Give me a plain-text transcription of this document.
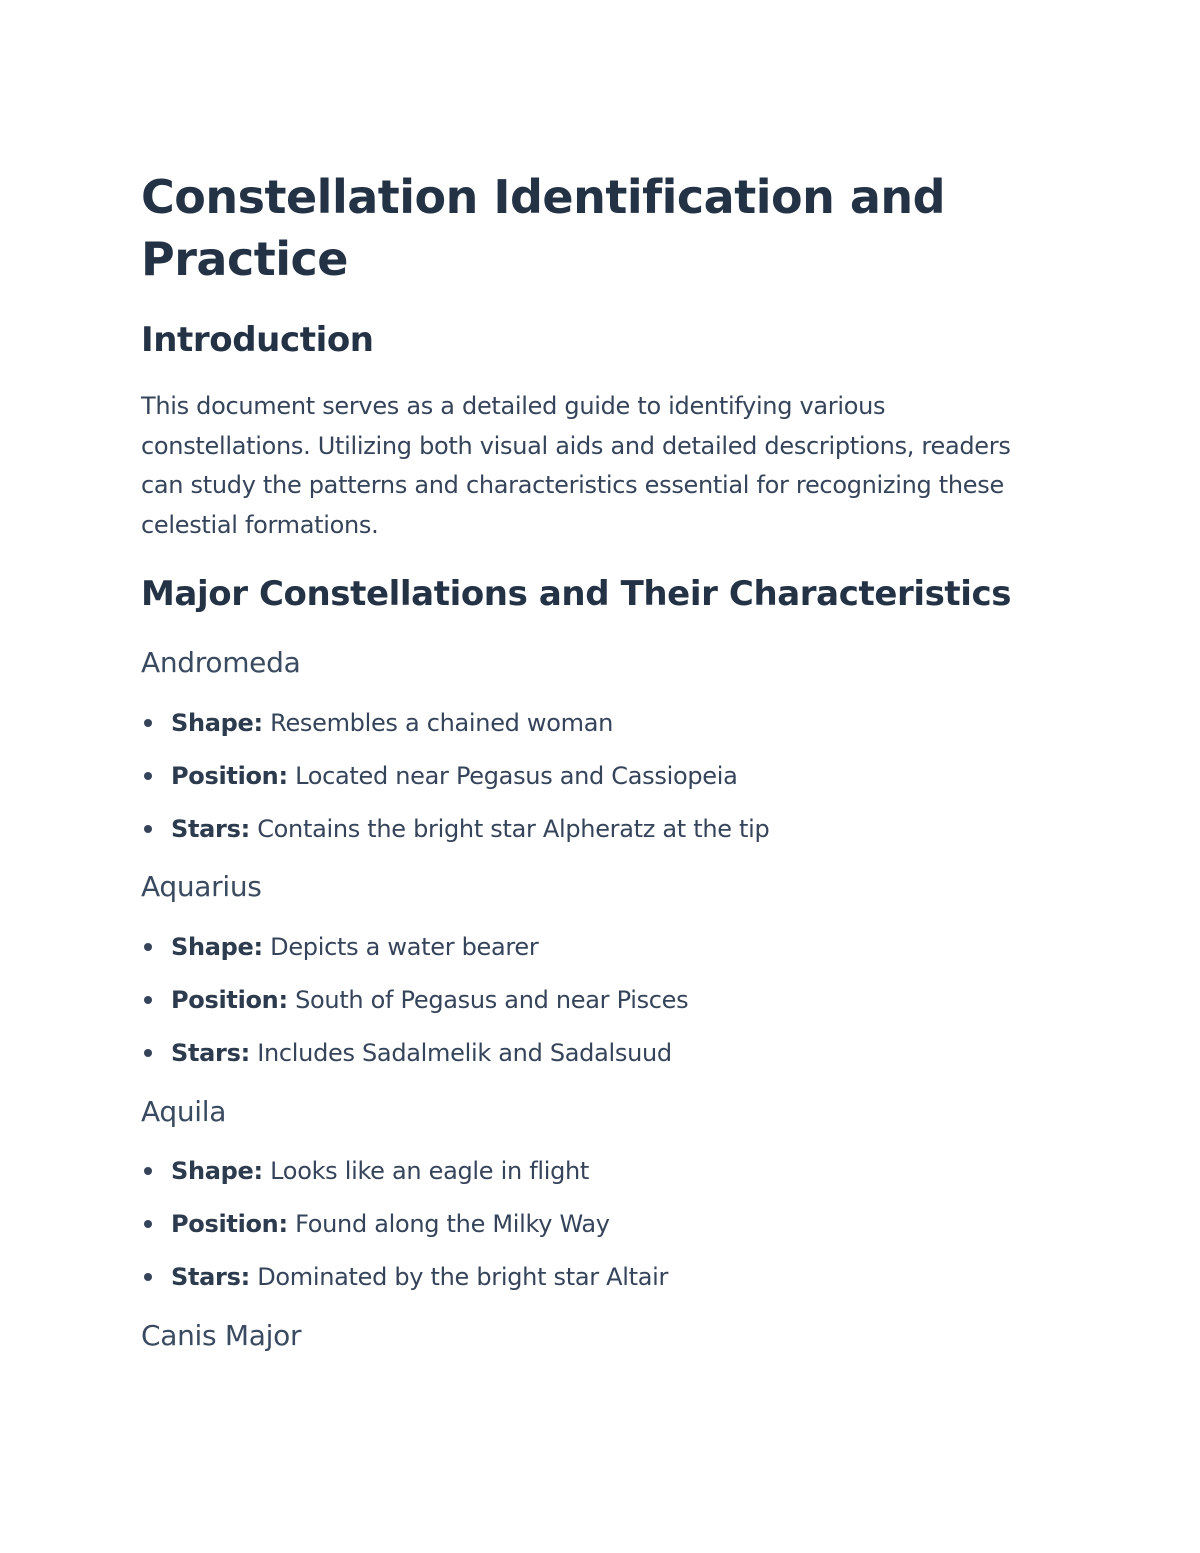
Constellation Identification and Practice
Introduction

This document serves as a detailed guide to identifying various constellations. Utilizing both visual aids and detailed descriptions, readers can study the patterns and characteristics essential for recognizing these celestial formations.

Major Constellations and Their Characteristics
Andromeda
Shape: Resembles a chained woman
Position: Located near Pegasus and Cassiopeia
Stars: Contains the bright star Alpheratz at the tip
Aquarius
Shape: Depicts a water bearer
Position: South of Pegasus and near Pisces
Stars: Includes Sadalmelik and Sadalsuud
Aquila
Shape: Looks like an eagle in flight
Position: Found along the Milky Way
Stars: Dominated by the bright star Altair
Canis Major
